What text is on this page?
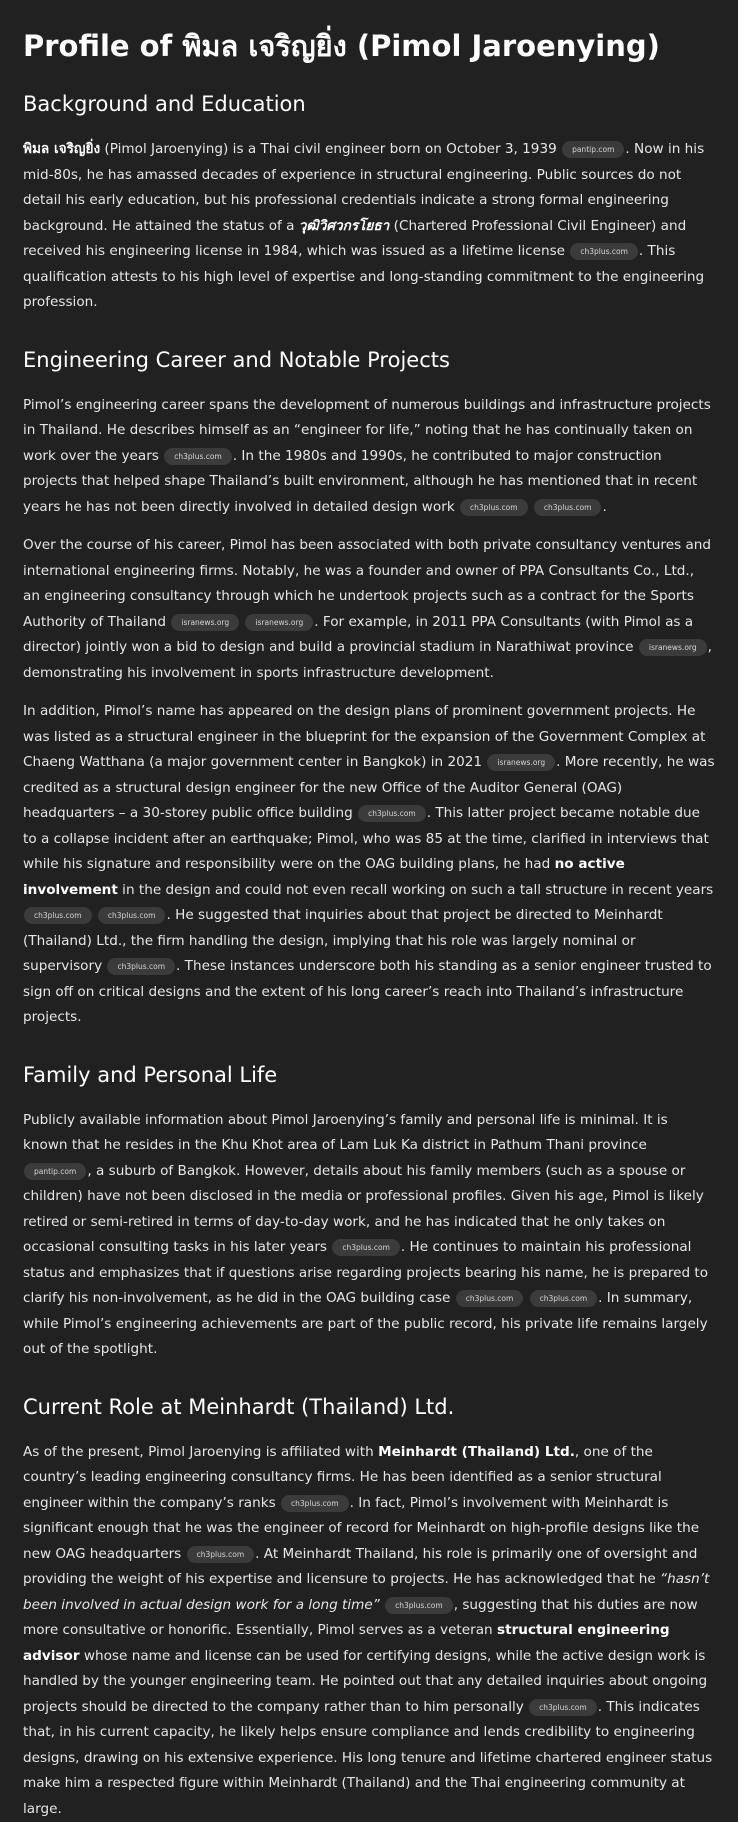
Profile of พิมล เจริญยิ่ง (Pimol Jaroenying)
Background and Education

พิมล เจริญยิ่ง (Pimol Jaroenying) is a Thai civil engineer born on October 3, 1939 pantip.com . Now in his mid-80s, he has amassed decades of experience in structural engineering. Public sources do not detail his early education, but his professional credentials indicate a strong formal engineering background. He attained the status of a วุฒิวิศวกรโยธา (Chartered Professional Civil Engineer) and received his engineering license in 1984, which was issued as a lifetime license ch3plus.com . This qualification attests to his high level of expertise and long-standing commitment to the engineering profession.

Engineering Career and Notable Projects

Pimol’s engineering career spans the development of numerous buildings and infrastructure projects in Thailand. He describes himself as an “engineer for life,” noting that he has continually taken on work over the years ch3plus.com . In the 1980s and 1990s, he contributed to major construction projects that helped shape Thailand’s built environment, although he has mentioned that in recent years he has not been directly involved in detailed design work ch3plus.com	ch3plus.com .

Over the course of his career, Pimol has been associated with both private consultancy ventures and international engineering firms. Notably, he was a founder and owner of PPA Consultants Co., Ltd., an engineering consultancy through which he undertook projects such as a contract for the Sports Authority of Thailand isranews.org	isranews.org . For example, in 2011 PPA Consultants (with Pimol as a director) jointly won a bid to design and build a provincial stadium in Narathiwat province isranews.org , demonstrating his involvement in sports infrastructure development.

In addition, Pimol’s name has appeared on the design plans of prominent government projects. He was listed as a structural engineer in the blueprint for the expansion of the Government Complex at Chaeng Watthana (a major government center in Bangkok) in 2021 isranews.org . More recently, he was credited as a structural design engineer for the new Office of the Auditor General (OAG) headquarters – a 30-storey public office building ch3plus.com . This latter project became notable due to a collapse incident after an earthquake; Pimol, who was 85 at the time, clarified in interviews that while his signature and responsibility were on the OAG building plans, he had no active involvement in the design and could not even recall working on such a tall structure in recent years ch3plus.com	ch3plus.com . He suggested that inquiries about that project be directed to Meinhardt (Thailand) Ltd., the firm handling the design, implying that his role was largely nominal or supervisory ch3plus.com . These instances underscore both his standing as a senior engineer trusted to sign off on critical designs and the extent of his long career’s reach into Thailand’s infrastructure projects.

Family and Personal Life

Publicly available information about Pimol Jaroenying’s family and personal life is minimal. It is known that he resides in the Khu Khot area of Lam Luk Ka district in Pathum Thani province pantip.com , a suburb of Bangkok. However, details about his family members (such as a spouse or children) have not been disclosed in the media or professional profiles. Given his age, Pimol is likely retired or semi-retired in terms of day-to-day work, and he has indicated that he only takes on occasional consulting tasks in his later years ch3plus.com . He continues to maintain his professional status and emphasizes that if questions arise regarding projects bearing his name, he is prepared to clarify his non-involvement, as he did in the OAG building case ch3plus.com	ch3plus.com . In summary, while Pimol’s engineering achievements are part of the public record, his private life remains largely out of the spotlight.

Current Role at Meinhardt (Thailand) Ltd.

As of the present, Pimol Jaroenying is affiliated with Meinhardt (Thailand) Ltd., one of the country’s leading engineering consultancy firms. He has been identified as a senior structural engineer within the company’s ranks ch3plus.com . In fact, Pimol’s involvement with Meinhardt is significant enough that he was the engineer of record for Meinhardt on high-profile designs like the new OAG headquarters ch3plus.com . At Meinhardt Thailand, his role is primarily one of oversight and providing the weight of his expertise and licensure to projects. He has acknowledged that he “hasn’t been involved in actual design work for a long time” ch3plus.com , suggesting that his duties are now more consultative or honorific. Essentially, Pimol serves as a veteran structural engineering advisor whose name and license can be used for certifying designs, while the active design work is handled by the younger engineering team. He pointed out that any detailed inquiries about ongoing projects should be directed to the company rather than to him personally ch3plus.com . This indicates that, in his current capacity, he likely helps ensure compliance and lends credibility to engineering designs, drawing on his extensive experience. His long tenure and lifetime chartered engineer status make him a respected figure within Meinhardt (Thailand) and the Thai engineering community at large.
